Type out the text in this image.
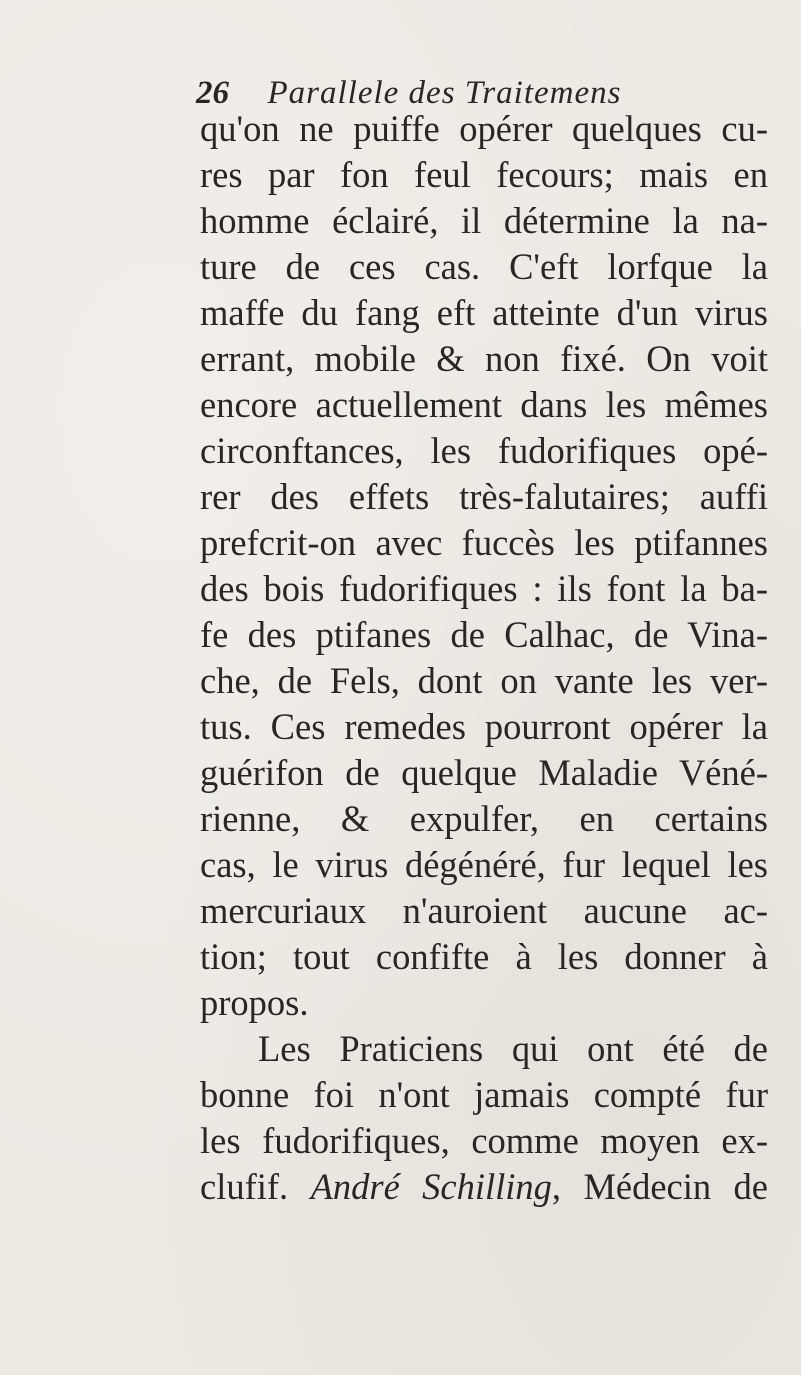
26 Parallele des Traitemens
qu'on ne puiffe opérer quelques cu-
res par fon feul fecours; mais en
homme éclairé, il détermine la na-
ture de ces cas. C'eft lorfque la
maffe du fang eft atteinte d'un virus
errant, mobile & non fixé. On voit
encore actuellement dans les mêmes
circonftances, les fudorifiques opé-
rer des effets très-falutaires; auffi
prefcrit-on avec fuccès les ptifannes
des bois fudorifiques : ils font la ba-
fe des ptifanes de Calhac, de Vina-
che, de Fels, dont on vante les ver-
tus. Ces remedes pourront opérer la
guérifon de quelque Maladie Véné-
rienne, & expulfer, en certains
cas, le virus dégénéré, fur lequel les
mercuriaux n'auroient aucune ac-
tion; tout confifte à les donner à
propos.
Les Praticiens qui ont été de
bonne foi n'ont jamais compté fur
les fudorifiques, comme moyen ex-
clufif. André Schilling, Médecin de
